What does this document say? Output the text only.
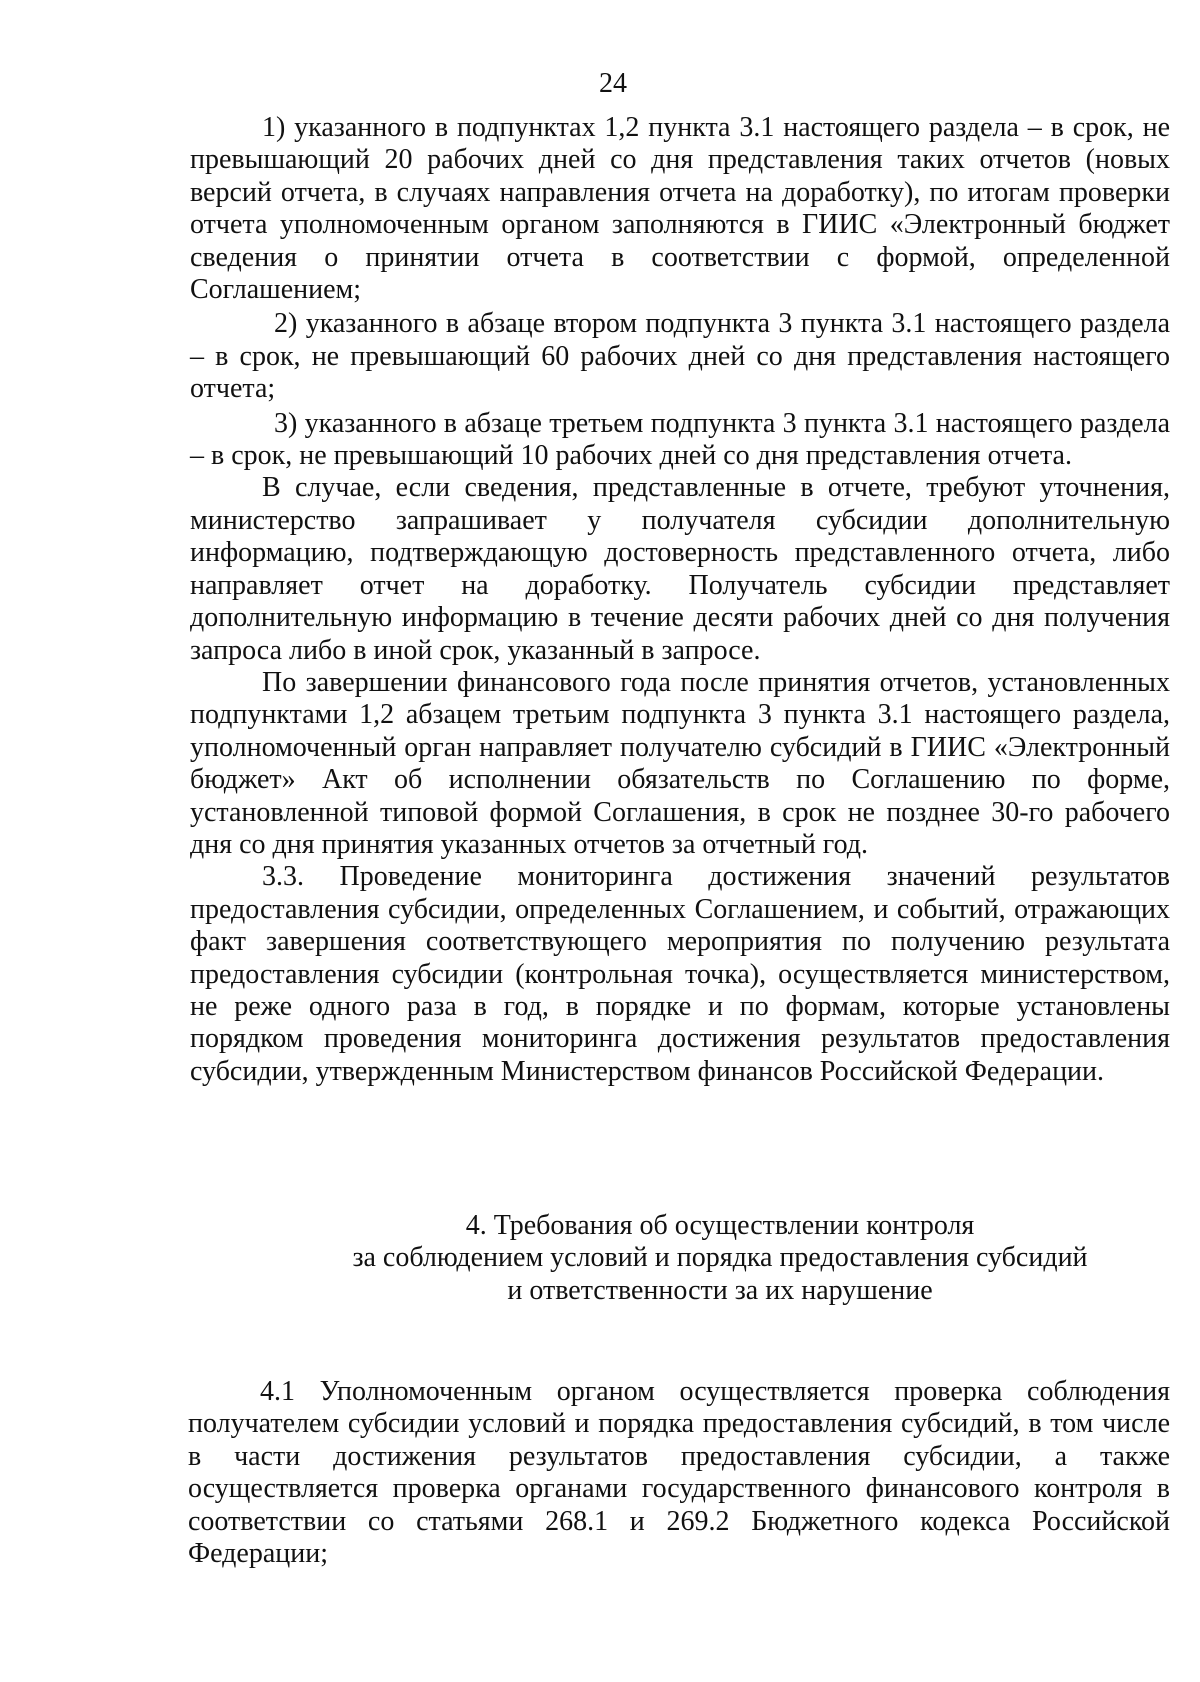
24

1) указанного в подпунктах 1,2 пункта 3.1 настоящего раздела – в срок, не превышающий 20 рабочих дней со дня представления таких отчетов (новых версий отчета, в случаях направления отчета на доработку), по итогам проверки отчета уполномоченным органом заполняются в ГИИС «Электронный бюджет сведения о принятии отчета в соответствии с формой, определенной Соглашением;

2) указанного в абзаце втором подпункта 3 пункта 3.1 настоящего раздела – в срок, не превышающий 60 рабочих дней со дня представления настоящего отчета;

3) указанного в абзаце третьем подпункта 3 пункта 3.1 настоящего раздела – в срок, не превышающий 10 рабочих дней со дня представления отчета.

В случае, если сведения, представленные в отчете, требуют уточнения, министерство запрашивает у получателя субсидии дополнительную информацию, подтверждающую достоверность представленного отчета, либо направляет отчет на доработку. Получатель субсидии представляет дополнительную информацию в течение десяти рабочих дней со дня получения запроса либо в иной срок, указанный в запросе.

По завершении финансового года после принятия отчетов, установленных подпунктами 1,2 абзацем третьим подпункта 3 пункта 3.1 настоящего раздела, уполномоченный орган направляет получателю субсидий в ГИИС «Электронный бюджет» Акт об исполнении обязательств по Соглашению по форме, установленной типовой формой Соглашения, в срок не позднее 30-го рабочего дня со дня принятия указанных отчетов за отчетный год.

3.3. Проведение мониторинга достижения значений результатов предоставления субсидии, определенных Соглашением, и событий, отражающих факт завершения соответствующего мероприятия по получению результата предоставления субсидии (контрольная точка), осуществляется министерством, не реже одного раза в год, в порядке и по формам, которые установлены порядком проведения мониторинга достижения результатов предоставления субсидии, утвержденным Министерством финансов Российской Федерации.

4. Требования об осуществлении контроля
за соблюдением условий и порядка предоставления субсидий
и ответственности за их нарушение

4.1 Уполномоченным органом осуществляется проверка соблюдения получателем субсидии условий и порядка предоставления субсидий, в том числе в части достижения результатов предоставления субсидии, а также осуществляется проверка органами государственного финансового контроля в соответствии со статьями 268.1 и 269.2 Бюджетного кодекса Российской Федерации;
